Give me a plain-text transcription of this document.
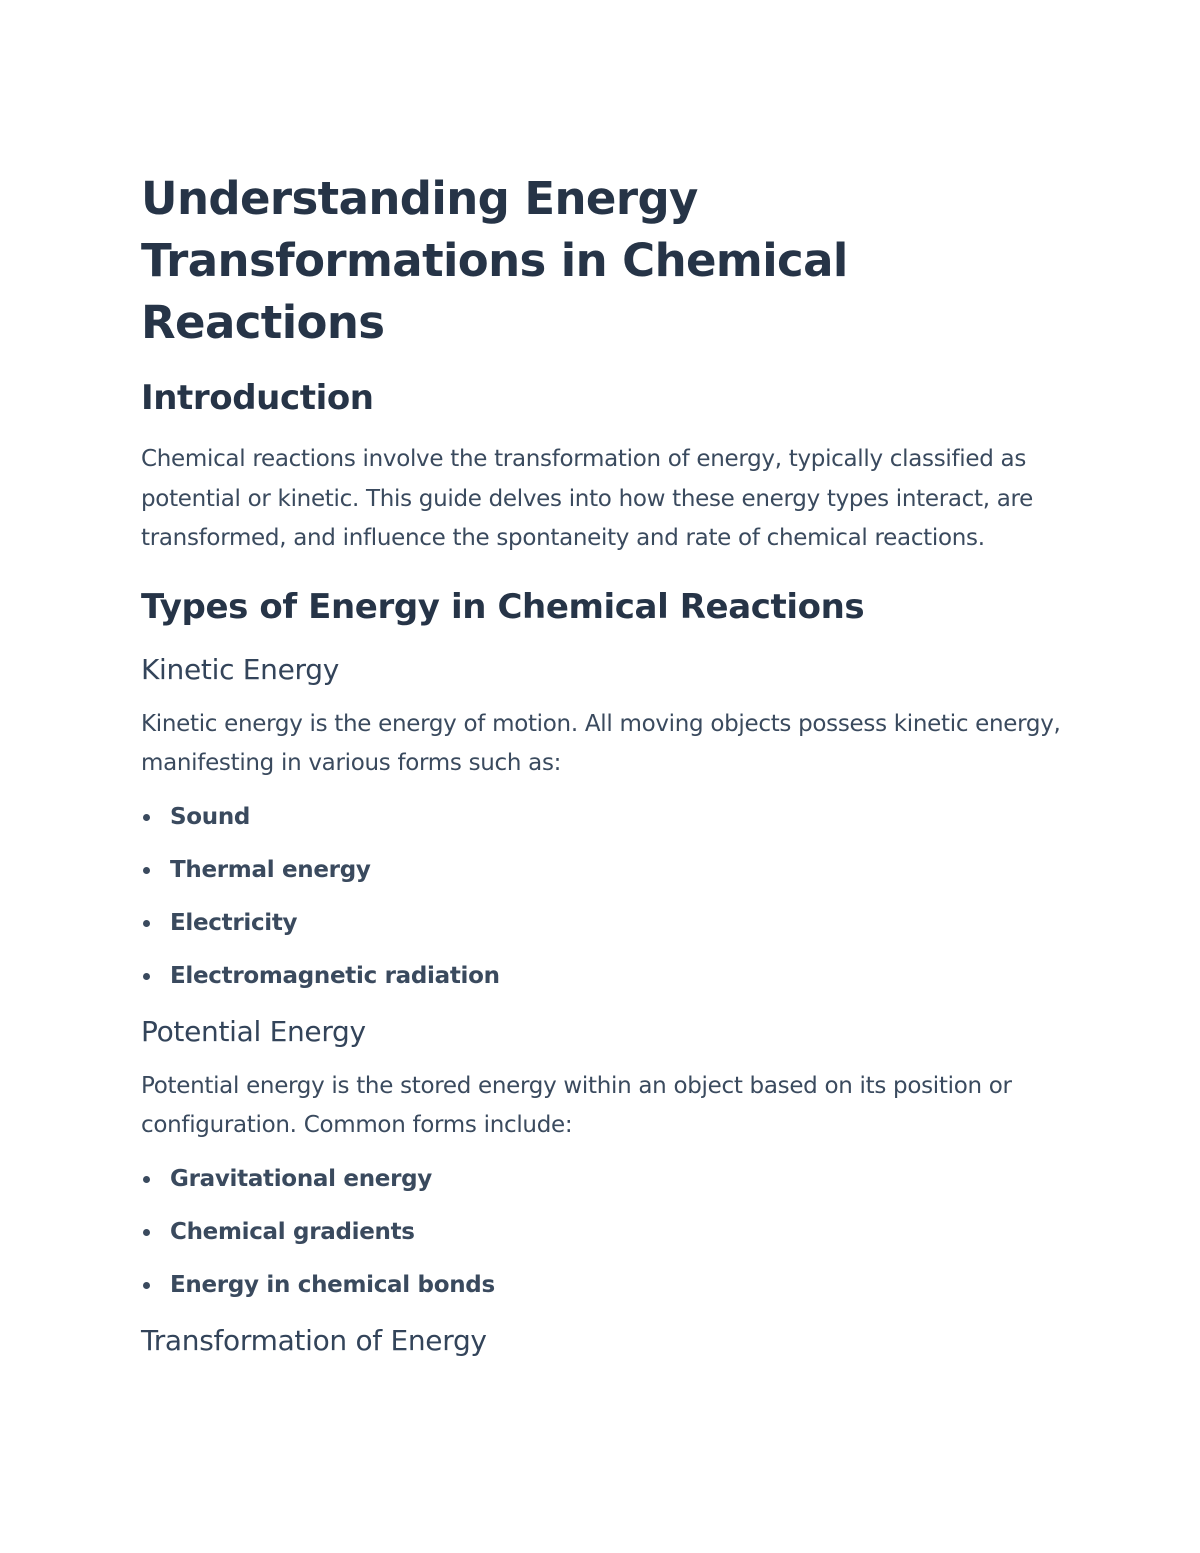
Understanding Energy Transformations in Chemical Reactions
Introduction

Chemical reactions involve the transformation of energy, typically classified as potential or kinetic. This guide delves into how these energy types interact, are transformed, and influence the spontaneity and rate of chemical reactions.

Types of Energy in Chemical Reactions
Kinetic Energy

Kinetic energy is the energy of motion. All moving objects possess kinetic energy, manifesting in various forms such as:

Sound
Thermal energy
Electricity
Electromagnetic radiation
Potential Energy

Potential energy is the stored energy within an object based on its position or configuration. Common forms include:

Gravitational energy
Chemical gradients
Energy in chemical bonds
Transformation of Energy
